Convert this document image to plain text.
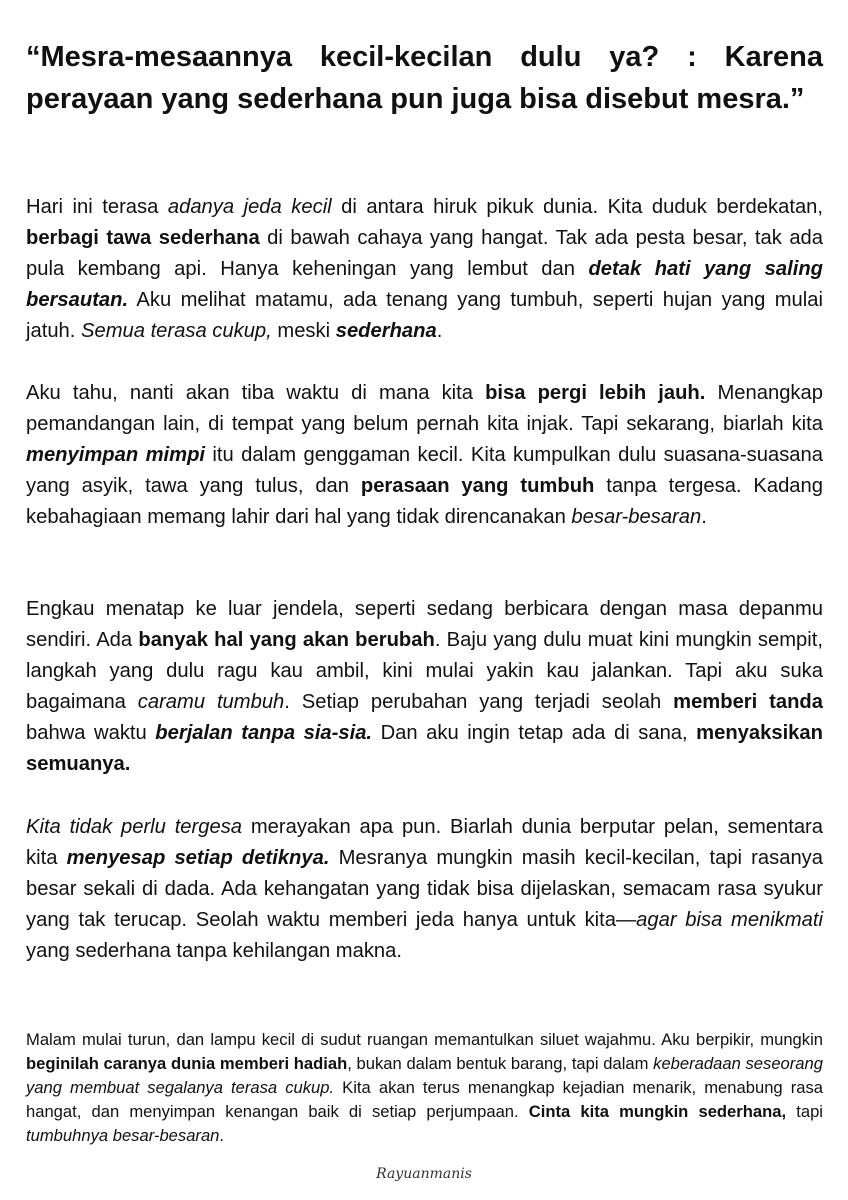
“Mesra-mesaannya kecil-kecilan dulu ya? : Karena perayaan yang sederhana pun juga bisa disebut mesra.”

Hari ini terasa adanya jeda kecil di antara hiruk pikuk dunia. Kita duduk berdekatan, berbagi tawa sederhana di bawah cahaya yang hangat. Tak ada pesta besar, tak ada pula kembang api. Hanya keheningan yang lembut dan detak hati yang saling bersautan. Aku melihat matamu, ada tenang yang tumbuh, seperti hujan yang mulai jatuh. Semua terasa cukup, meski sederhana.

Aku tahu, nanti akan tiba waktu di mana kita bisa pergi lebih jauh. Menangkap pemandangan lain, di tempat yang belum pernah kita injak. Tapi sekarang, biarlah kita menyimpan mimpi itu dalam genggaman kecil. Kita kumpulkan dulu suasana-suasana yang asyik, tawa yang tulus, dan perasaan yang tumbuh tanpa tergesa. Kadang kebahagiaan memang lahir dari hal yang tidak direncanakan besar-besaran.

Engkau menatap ke luar jendela, seperti sedang berbicara dengan masa depanmu sendiri. Ada banyak hal yang akan berubah. Baju yang dulu muat kini mungkin sempit, langkah yang dulu ragu kau ambil, kini mulai yakin kau jalankan. Tapi aku suka bagaimana caramu tumbuh. Setiap perubahan yang terjadi seolah memberi tanda bahwa waktu berjalan tanpa sia-sia. Dan aku ingin tetap ada di sana, menyaksikan semuanya.

Kita tidak perlu tergesa merayakan apa pun. Biarlah dunia berputar pelan, sementara kita menyesap setiap detiknya. Mesranya mungkin masih kecil-kecilan, tapi rasanya besar sekali di dada. Ada kehangatan yang tidak bisa dijelaskan, semacam rasa syukur yang tak terucap. Seolah waktu memberi jeda hanya untuk kita—agar bisa menikmati yang sederhana tanpa kehilangan makna.

Malam mulai turun, dan lampu kecil di sudut ruangan memantulkan siluet wajahmu. Aku berpikir, mungkin beginilah caranya dunia memberi hadiah, bukan dalam bentuk barang, tapi dalam keberadaan seseorang yang membuat segalanya terasa cukup. Kita akan terus menangkap kejadian menarik, menabung rasa hangat, dan menyimpan kenangan baik di setiap perjumpaan. Cinta kita mungkin sederhana, tapi tumbuhnya besar-besaran.

Rayuanmanis
